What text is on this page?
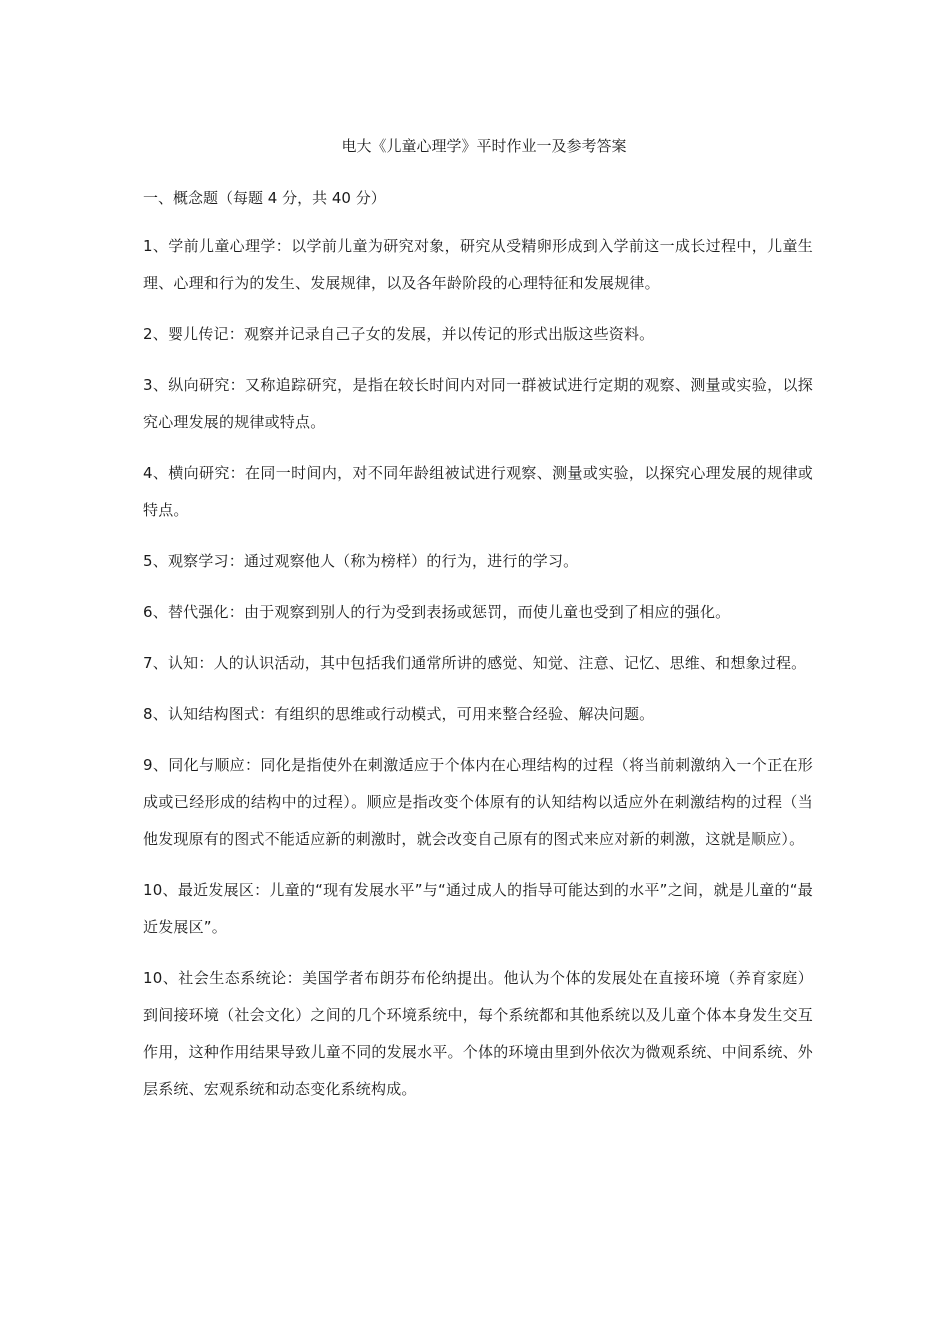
电大《儿童心理学》平时作业一及参考答案
一、概念题（每题 4 分，共 40 分）

1、学前儿童心理学：以学前儿童为研究对象，研究从受精卵形成到入学前这一成长过程中，儿童生理、心理和行为的发生、发展规律，以及各年龄阶段的心理特征和发展规律。

2、婴儿传记：观察并记录自己子女的发展，并以传记的形式出版这些资料。

3、纵向研究：又称追踪研究，是指在较长时间内对同一群被试进行定期的观察、测量或实验，以探究心理发展的规律或特点。

4、横向研究：在同一时间内，对不同年龄组被试进行观察、测量或实验，以探究心理发展的规律或特点。

5、观察学习：通过观察他人（称为榜样）的行为，进行的学习。

6、替代强化：由于观察到别人的行为受到表扬或惩罚，而使儿童也受到了相应的强化。

7、认知：人的认识活动，其中包括我们通常所讲的感觉、知觉、注意、记忆、思维、和想象过程。

8、认知结构图式：有组织的思维或行动模式，可用来整合经验、解决问题。

9、同化与顺应：同化是指使外在刺激适应于个体内在心理结构的过程（将当前刺激纳入一个正在形成或已经形成的结构中的过程）。顺应是指改变个体原有的认知结构以适应外在刺激结构的过程（当他发现原有的图式不能适应新的刺激时，就会改变自己原有的图式来应对新的刺激，这就是顺应）。

10、最近发展区：儿童的“现有发展水平”与“通过成人的指导可能达到的水平”之间，就是儿童的“最近发展区”。

10、社会生态系统论：美国学者布朗芬布伦纳提出。他认为个体的发展处在直接环境（养育家庭）到间接环境（社会文化）之间的几个环境系统中，每个系统都和其他系统以及儿童个体本身发生交互作用，这种作用结果导致儿童不同的发展水平。个体的环境由里到外依次为微观系统、中间系统、外层系统、宏观系统和动态变化系统构成。
